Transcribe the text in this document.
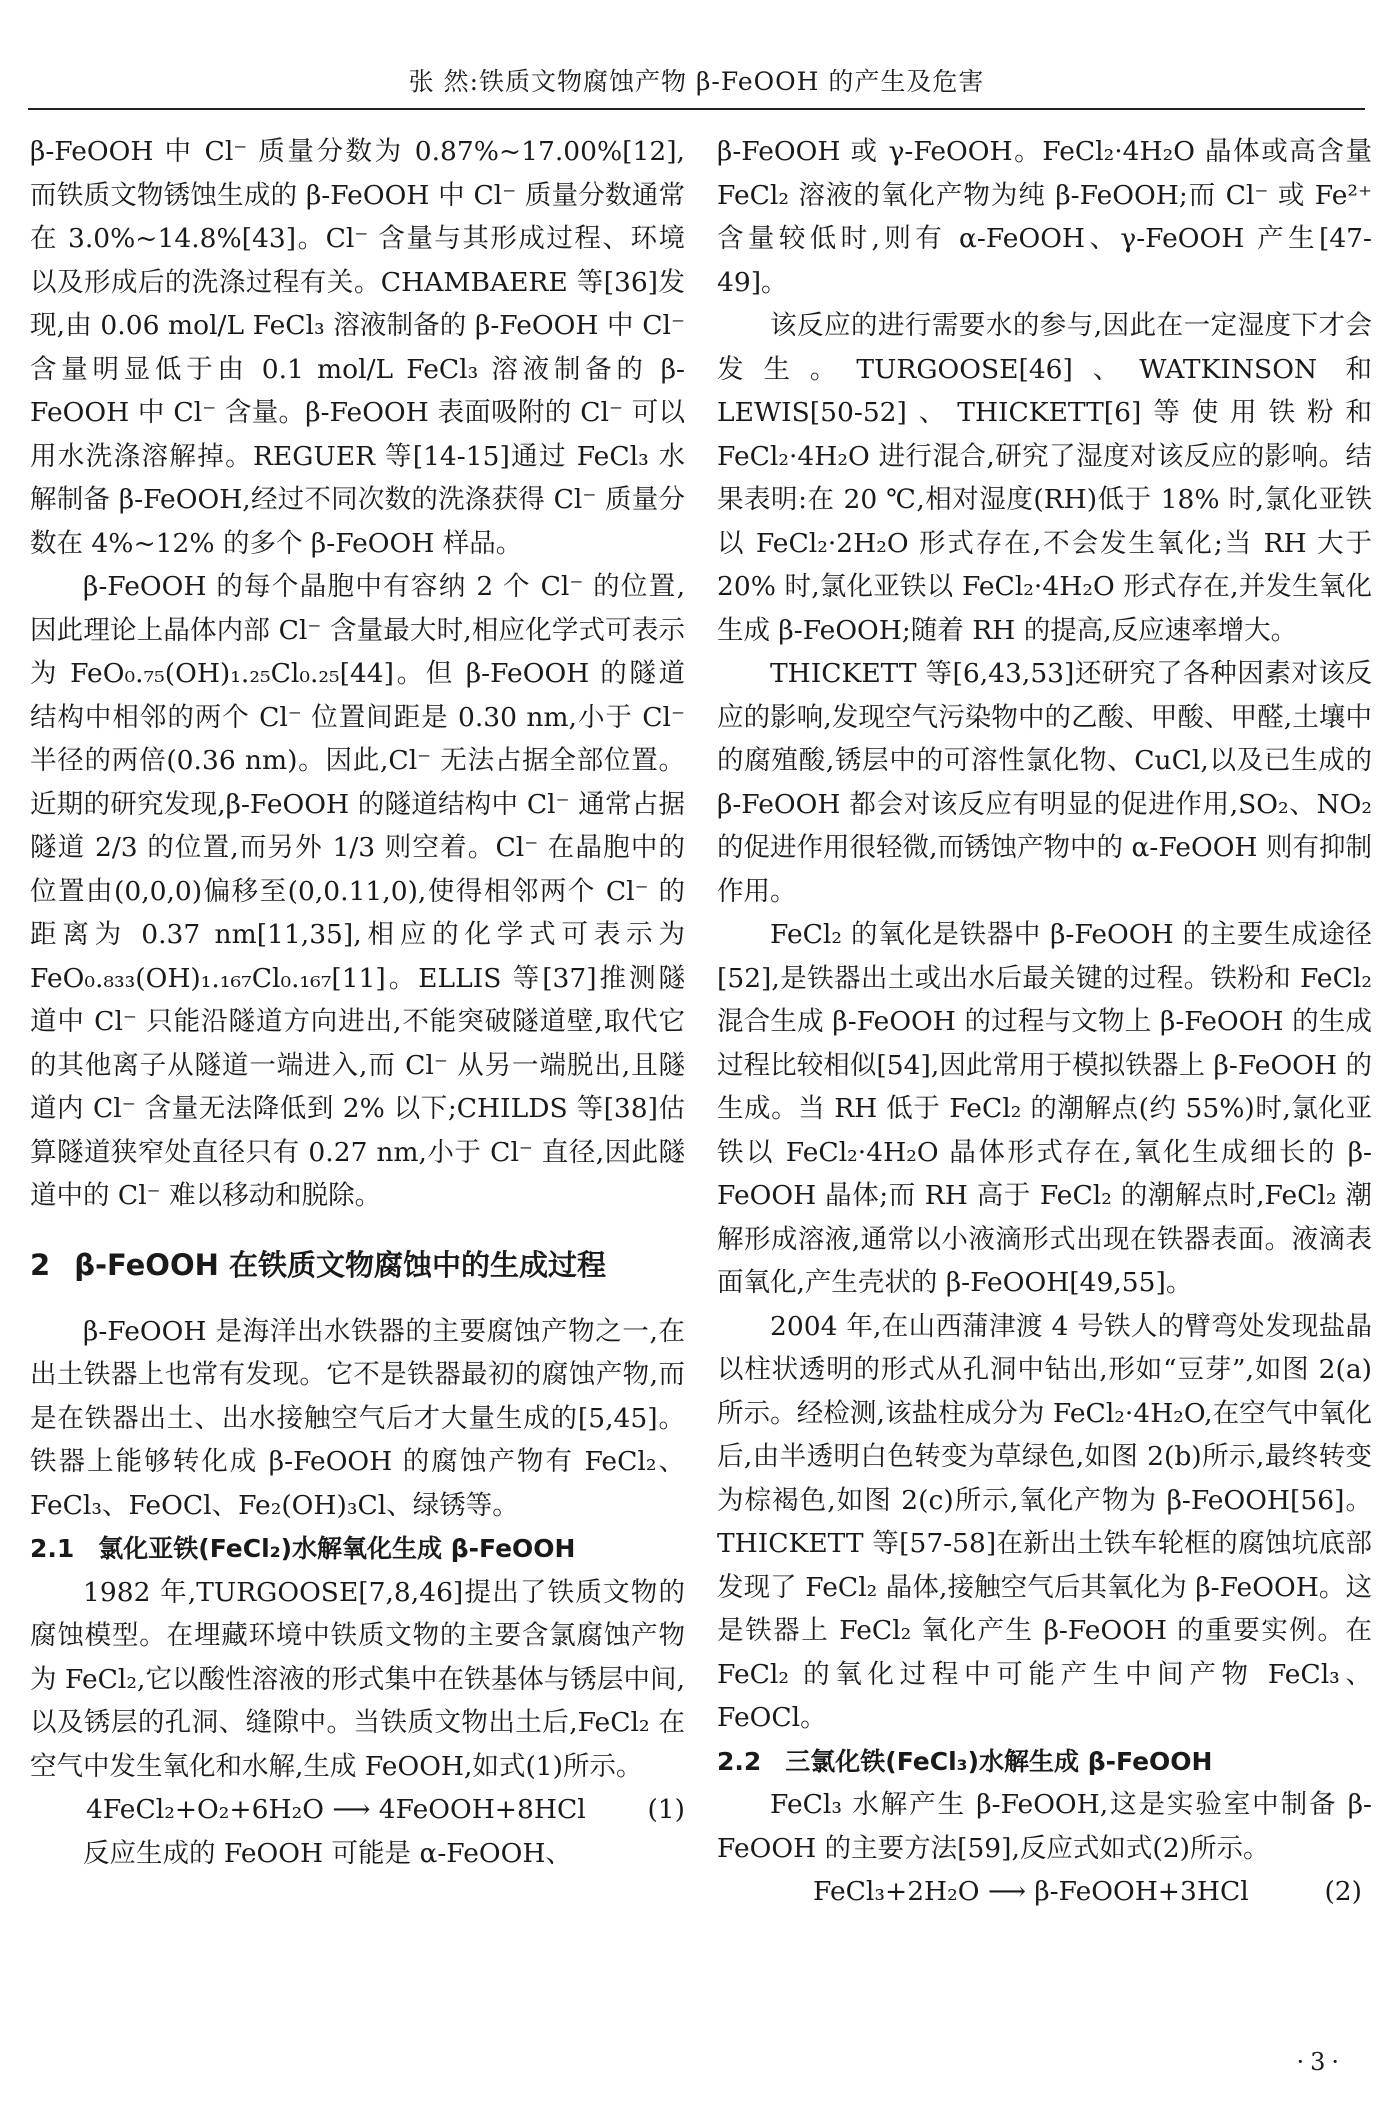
张 然:铁质文物腐蚀产物 β-FeOOH 的产生及危害

β-FeOOH 中 Cl⁻ 质量分数为 0.87%~17.00%[12],而铁质文物锈蚀生成的 β-FeOOH 中 Cl⁻ 质量分数通常在 3.0%~14.8%[43]。Cl⁻ 含量与其形成过程、环境以及形成后的洗涤过程有关。CHAMBAERE 等[36]发现,由 0.06 mol/L FeCl₃ 溶液制备的 β-FeOOH 中 Cl⁻ 含量明显低于由 0.1 mol/L FeCl₃ 溶液制备的 β-FeOOH 中 Cl⁻ 含量。β-FeOOH 表面吸附的 Cl⁻ 可以用水洗涤溶解掉。REGUER 等[14-15]通过 FeCl₃ 水解制备 β-FeOOH,经过不同次数的洗涤获得 Cl⁻ 质量分数在 4%~12% 的多个 β-FeOOH 样品。

β-FeOOH 的每个晶胞中有容纳 2 个 Cl⁻ 的位置,因此理论上晶体内部 Cl⁻ 含量最大时,相应化学式可表示为 FeO₀.₇₅(OH)₁.₂₅Cl₀.₂₅[44]。但 β-FeOOH 的隧道结构中相邻的两个 Cl⁻ 位置间距是 0.30 nm,小于 Cl⁻ 半径的两倍(0.36 nm)。因此,Cl⁻ 无法占据全部位置。近期的研究发现,β-FeOOH 的隧道结构中 Cl⁻ 通常占据隧道 2/3 的位置,而另外 1/3 则空着。Cl⁻ 在晶胞中的位置由(0,0,0)偏移至(0,0.11,0),使得相邻两个 Cl⁻ 的距离为 0.37 nm[11,35],相应的化学式可表示为 FeO₀.₈₃₃(OH)₁.₁₆₇Cl₀.₁₆₇[11]。ELLIS 等[37]推测隧道中 Cl⁻ 只能沿隧道方向进出,不能突破隧道壁,取代它的其他离子从隧道一端进入,而 Cl⁻ 从另一端脱出,且隧道内 Cl⁻ 含量无法降低到 2% 以下;CHILDS 等[38]估算隧道狭窄处直径只有 0.27 nm,小于 Cl⁻ 直径,因此隧道中的 Cl⁻ 难以移动和脱除。

2 β-FeOOH 在铁质文物腐蚀中的生成过程

β-FeOOH 是海洋出水铁器的主要腐蚀产物之一,在出土铁器上也常有发现。它不是铁器最初的腐蚀产物,而是在铁器出土、出水接触空气后才大量生成的[5,45]。铁器上能够转化成 β-FeOOH 的腐蚀产物有 FeCl₂、FeCl₃、FeOCl、Fe₂(OH)₃Cl、绿锈等。

2.1 氯化亚铁(FeCl₂)水解氧化生成 β-FeOOH

1982 年,TURGOOSE[7,8,46]提出了铁质文物的腐蚀模型。在埋藏环境中铁质文物的主要含氯腐蚀产物为 FeCl₂,它以酸性溶液的形式集中在铁基体与锈层中间,以及锈层的孔洞、缝隙中。当铁质文物出土后,FeCl₂ 在空气中发生氧化和水解,生成 FeOOH,如式(1)所示。

4FeCl₂+O₂+6H₂O ⟶ 4FeOOH+8HCl (1)

反应生成的 FeOOH 可能是 α-FeOOH、

β-FeOOH 或 γ-FeOOH。FeCl₂·4H₂O 晶体或高含量 FeCl₂ 溶液的氧化产物为纯 β-FeOOH;而 Cl⁻ 或 Fe²⁺ 含量较低时,则有 α-FeOOH、γ-FeOOH 产生[47-49]。

该反应的进行需要水的参与,因此在一定湿度下才会发生。TURGOOSE[46]、WATKINSON 和 LEWIS[50-52]、THICKETT[6]等使用铁粉和 FeCl₂·4H₂O 进行混合,研究了湿度对该反应的影响。结果表明:在 20 ℃,相对湿度(RH)低于 18% 时,氯化亚铁以 FeCl₂·2H₂O 形式存在,不会发生氧化;当 RH 大于 20% 时,氯化亚铁以 FeCl₂·4H₂O 形式存在,并发生氧化生成 β-FeOOH;随着 RH 的提高,反应速率增大。

THICKETT 等[6,43,53]还研究了各种因素对该反应的影响,发现空气污染物中的乙酸、甲酸、甲醛,土壤中的腐殖酸,锈层中的可溶性氯化物、CuCl,以及已生成的 β-FeOOH 都会对该反应有明显的促进作用,SO₂、NO₂ 的促进作用很轻微,而锈蚀产物中的 α-FeOOH 则有抑制作用。

FeCl₂ 的氧化是铁器中 β-FeOOH 的主要生成途径[52],是铁器出土或出水后最关键的过程。铁粉和 FeCl₂ 混合生成 β-FeOOH 的过程与文物上 β-FeOOH 的生成过程比较相似[54],因此常用于模拟铁器上 β-FeOOH 的生成。当 RH 低于 FeCl₂ 的潮解点(约 55%)时,氯化亚铁以 FeCl₂·4H₂O 晶体形式存在,氧化生成细长的 β-FeOOH 晶体;而 RH 高于 FeCl₂ 的潮解点时,FeCl₂ 潮解形成溶液,通常以小液滴形式出现在铁器表面。液滴表面氧化,产生壳状的 β-FeOOH[49,55]。

2004 年,在山西蒲津渡 4 号铁人的臂弯处发现盐晶以柱状透明的形式从孔洞中钻出,形如“豆芽”,如图 2(a)所示。经检测,该盐柱成分为 FeCl₂·4H₂O,在空气中氧化后,由半透明白色转变为草绿色,如图 2(b)所示,最终转变为棕褐色,如图 2(c)所示,氧化产物为 β-FeOOH[56]。THICKETT 等[57-58]在新出土铁车轮框的腐蚀坑底部发现了 FeCl₂ 晶体,接触空气后其氧化为 β-FeOOH。这是铁器上 FeCl₂ 氧化产生 β-FeOOH 的重要实例。在 FeCl₂ 的氧化过程中可能产生中间产物 FeCl₃、FeOCl。

2.2 三氯化铁(FeCl₃)水解生成 β-FeOOH

FeCl₃ 水解产生 β-FeOOH,这是实验室中制备 β-FeOOH 的主要方法[59],反应式如式(2)所示。

FeCl₃+2H₂O ⟶ β-FeOOH+3HCl	(2)
·3·
